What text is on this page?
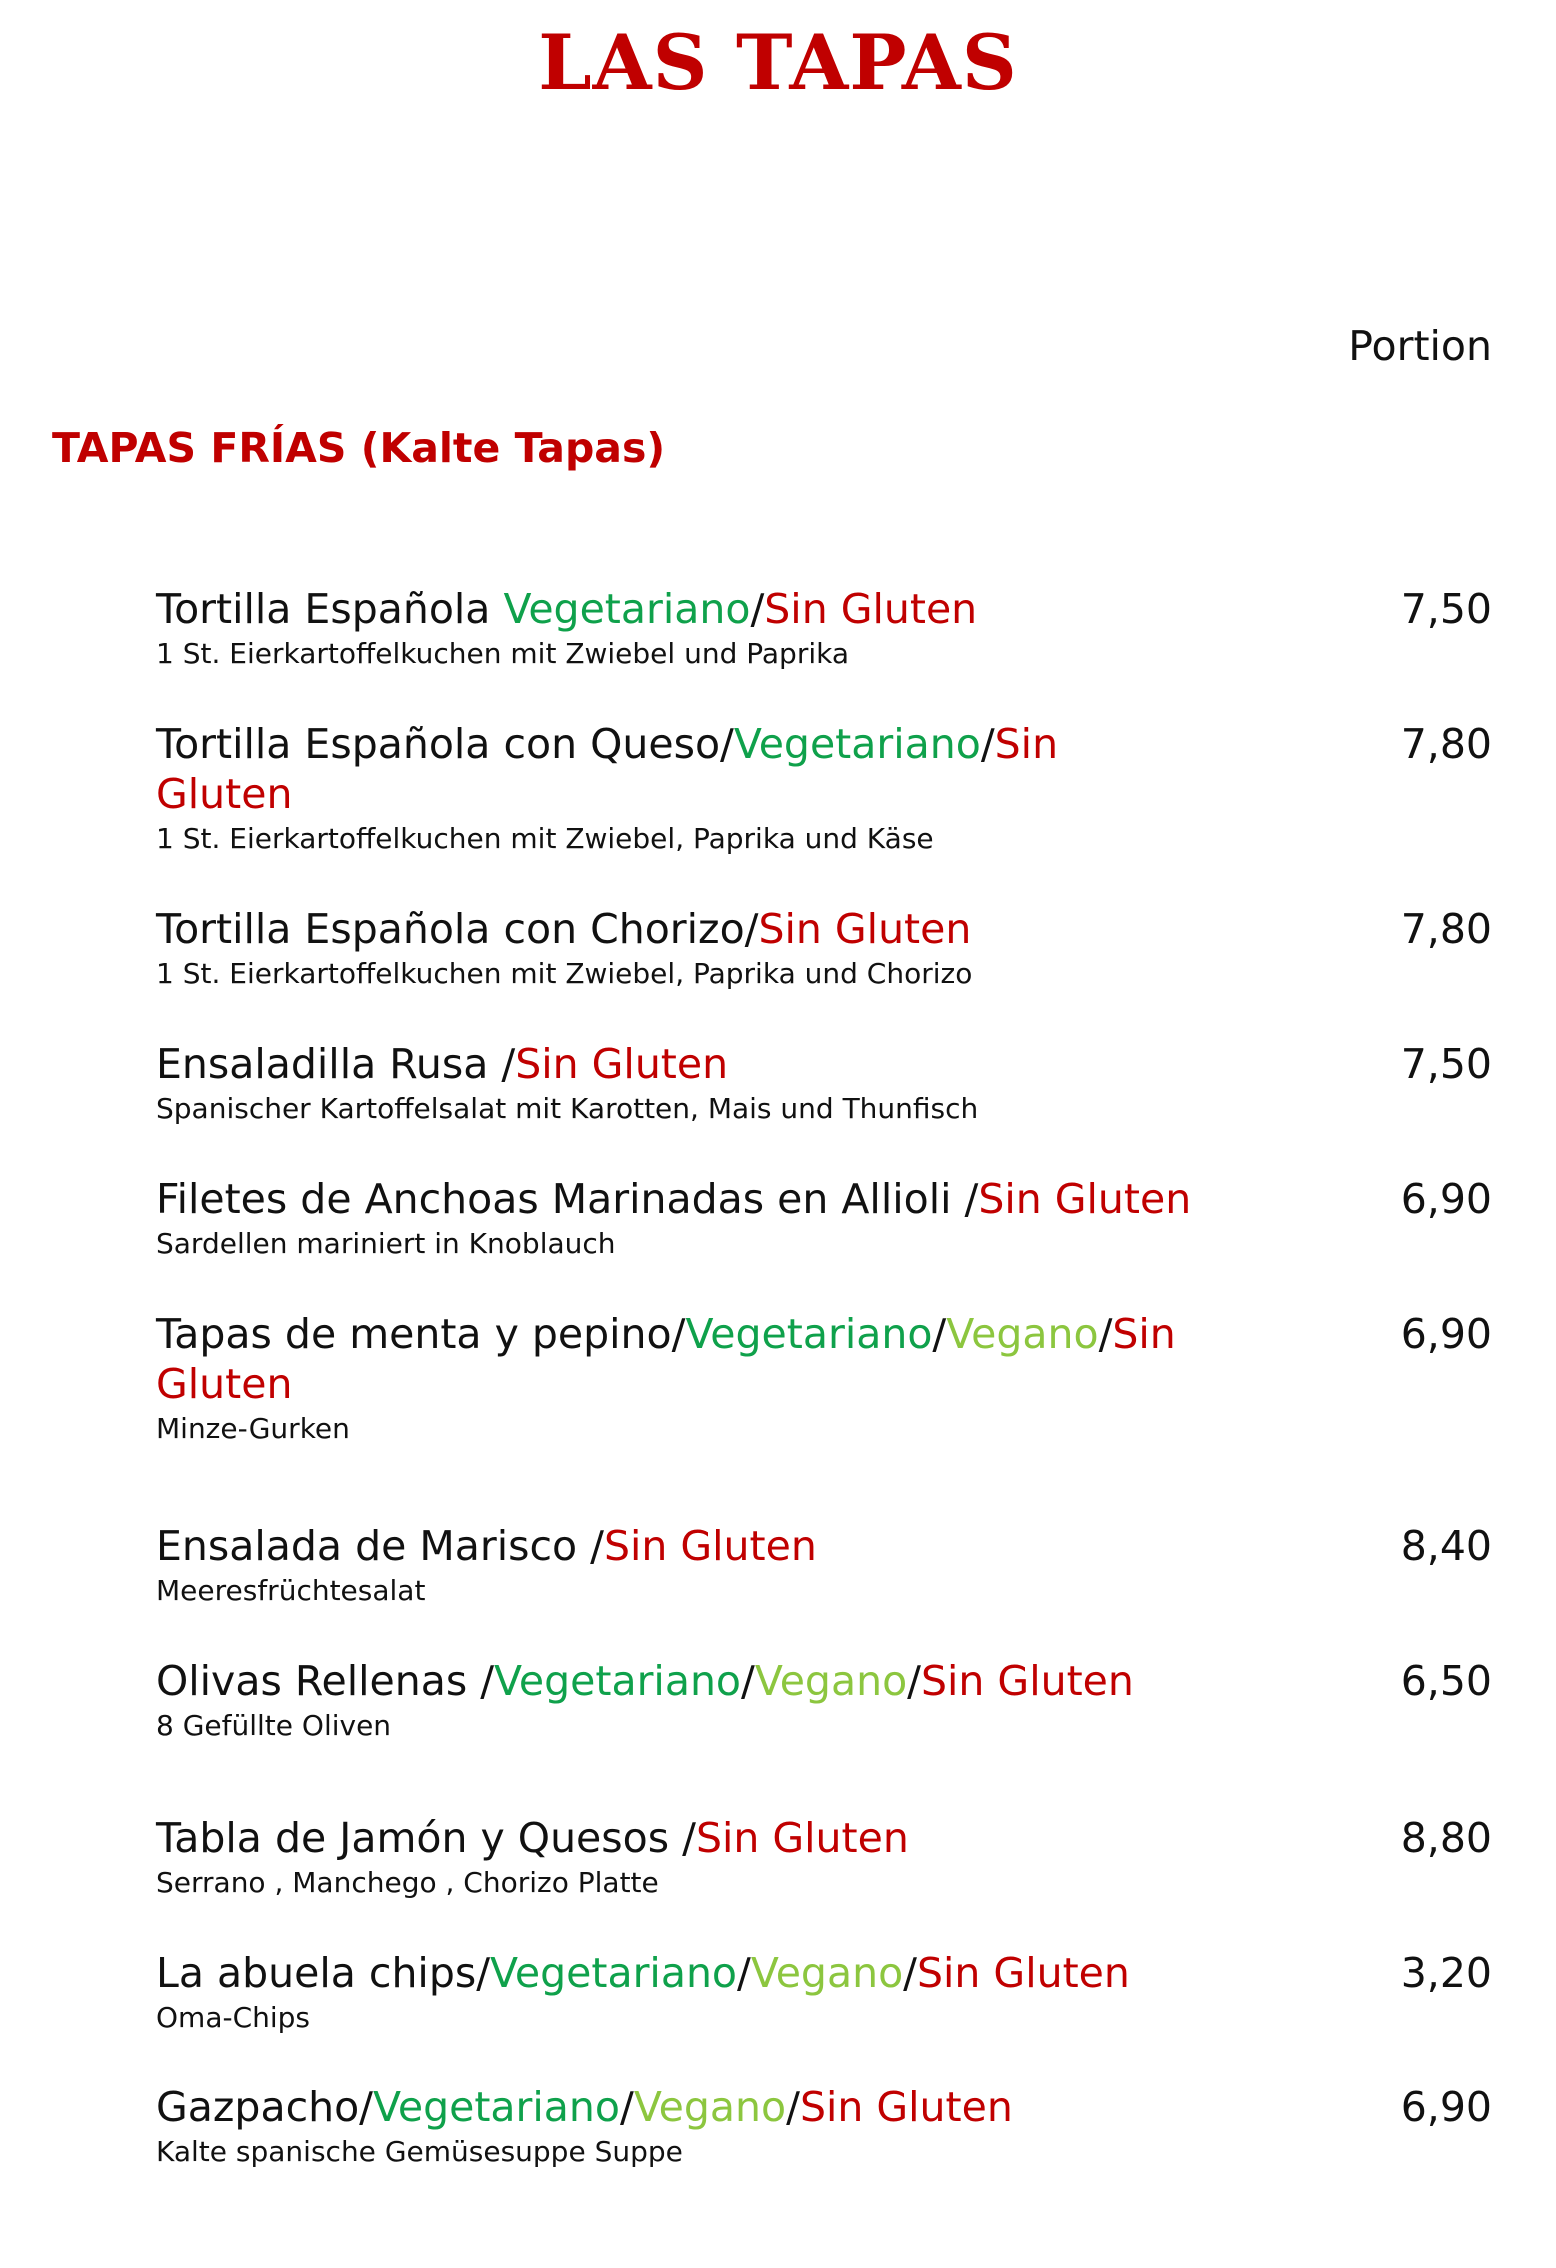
LAS TAPAS
Portion
TAPAS FRÍAS (Kalte Tapas)
Tortilla Española Vegetariano/Sin Gluten
1 St. Eierkartoffelkuchen mit Zwiebel und Paprika
7,50
Tortilla Española con Queso/Vegetariano/Sin Gluten
1 St. Eierkartoffelkuchen mit Zwiebel, Paprika und Käse
7,80
Tortilla Española con Chorizo/Sin Gluten
1 St. Eierkartoffelkuchen mit Zwiebel, Paprika und Chorizo
7,80
Ensaladilla Rusa /Sin Gluten
Spanischer Kartoffelsalat mit Karotten, Mais und Thunfisch
7,50
Filetes de Anchoas Marinadas en Allioli /Sin Gluten
Sardellen mariniert in Knoblauch
6,90
Tapas de menta y pepino/Vegetariano/Vegano/Sin Gluten
Minze-Gurken
6,90
Ensalada de Marisco /Sin Gluten
Meeresfrüchtesalat
8,40
Olivas Rellenas /Vegetariano/Vegano/Sin Gluten
8 Gefüllte Oliven
6,50
Tabla de Jamón y Quesos /Sin Gluten
Serrano , Manchego , Chorizo Platte
8,80
La abuela chips/Vegetariano/Vegano/Sin Gluten
Oma-Chips
3,20
Gazpacho/Vegetariano/Vegano/Sin Gluten
Kalte spanische Gemüsesuppe Suppe
6,90
